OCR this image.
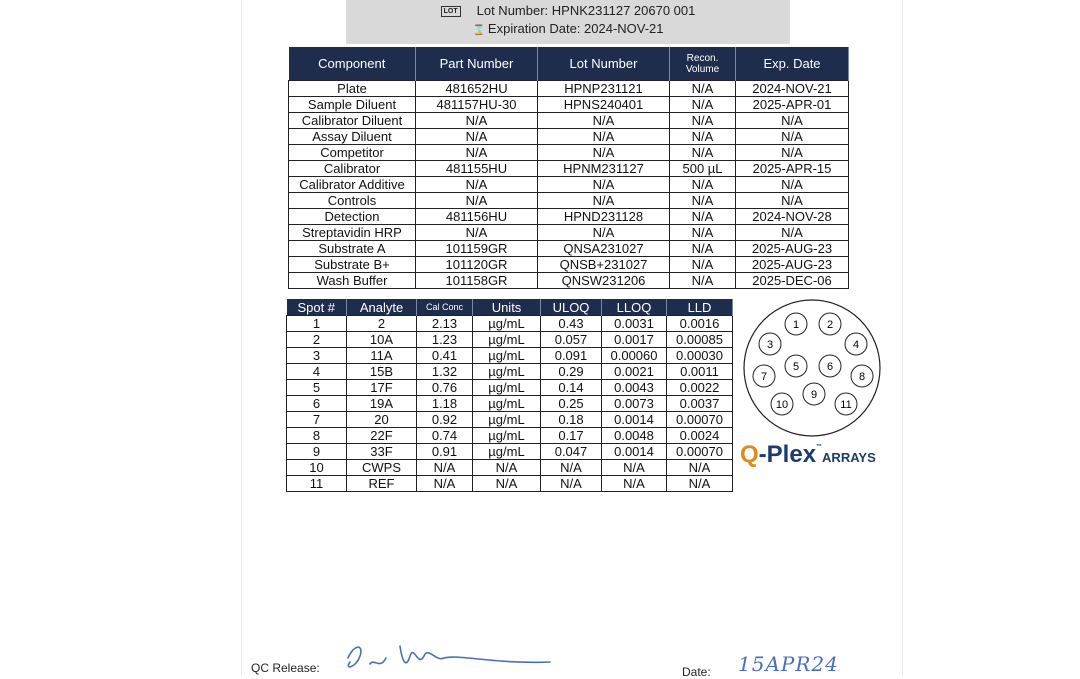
LOT Lot Number: HPNK231127 20670 001
⌛ Expiration Date: 2024-NOV-21
Component	Part Number	Lot Number	Recon. Volume	Exp. Date
Plate	481652HU	HPNP231121	N/A	2024-NOV-21
Sample Diluent	481157HU-30	HPNS240401	N/A	2025-APR-01
Calibrator Diluent	N/A	N/A	N/A	N/A
Assay Diluent	N/A	N/A	N/A	N/A
Competitor	N/A	N/A	N/A	N/A
Calibrator	481155HU	HPNM231127	500 µL	2025-APR-15
Calibrator Additive	N/A	N/A	N/A	N/A
Controls	N/A	N/A	N/A	N/A
Detection	481156HU	HPND231128	N/A	2024-NOV-28
Streptavidin HRP	N/A	N/A	N/A	N/A
Substrate A	101159GR	QNSA231027	N/A	2025-AUG-23
Substrate B+	101120GR	QNSB+231027	N/A	2025-AUG-23
Wash Buffer	101158GR	QNSW231206	N/A	2025-DEC-06
Spot #	Analyte	Cal Conc	Units	ULOQ	LLOQ	LLD
1	2	2.13	µg/mL	0.43	0.0031	0.0016
2	10A	1.23	µg/mL	0.057	0.0017	0.00085
3	11A	0.41	µg/mL	0.091	0.00060	0.00030
4	15B	1.32	µg/mL	0.29	0.0021	0.0011
5	17F	0.76	µg/mL	0.14	0.0043	0.0022
6	19A	1.18	µg/mL	0.25	0.0073	0.0037
7	20	0.92	µg/mL	0.18	0.0014	0.00070
8	22F	0.74	µg/mL	0.17	0.0048	0.0024
9	33F	0.91	µg/mL	0.047	0.0014	0.00070
10	CWPS	N/A	N/A	N/A	N/A	N/A
11	REF	N/A	N/A	N/A	N/A	N/A
1	2
3	4
5	6
7	8
9
10	11
Q-Plex™ARRAYS
QC Release:	Date: 15APR24
